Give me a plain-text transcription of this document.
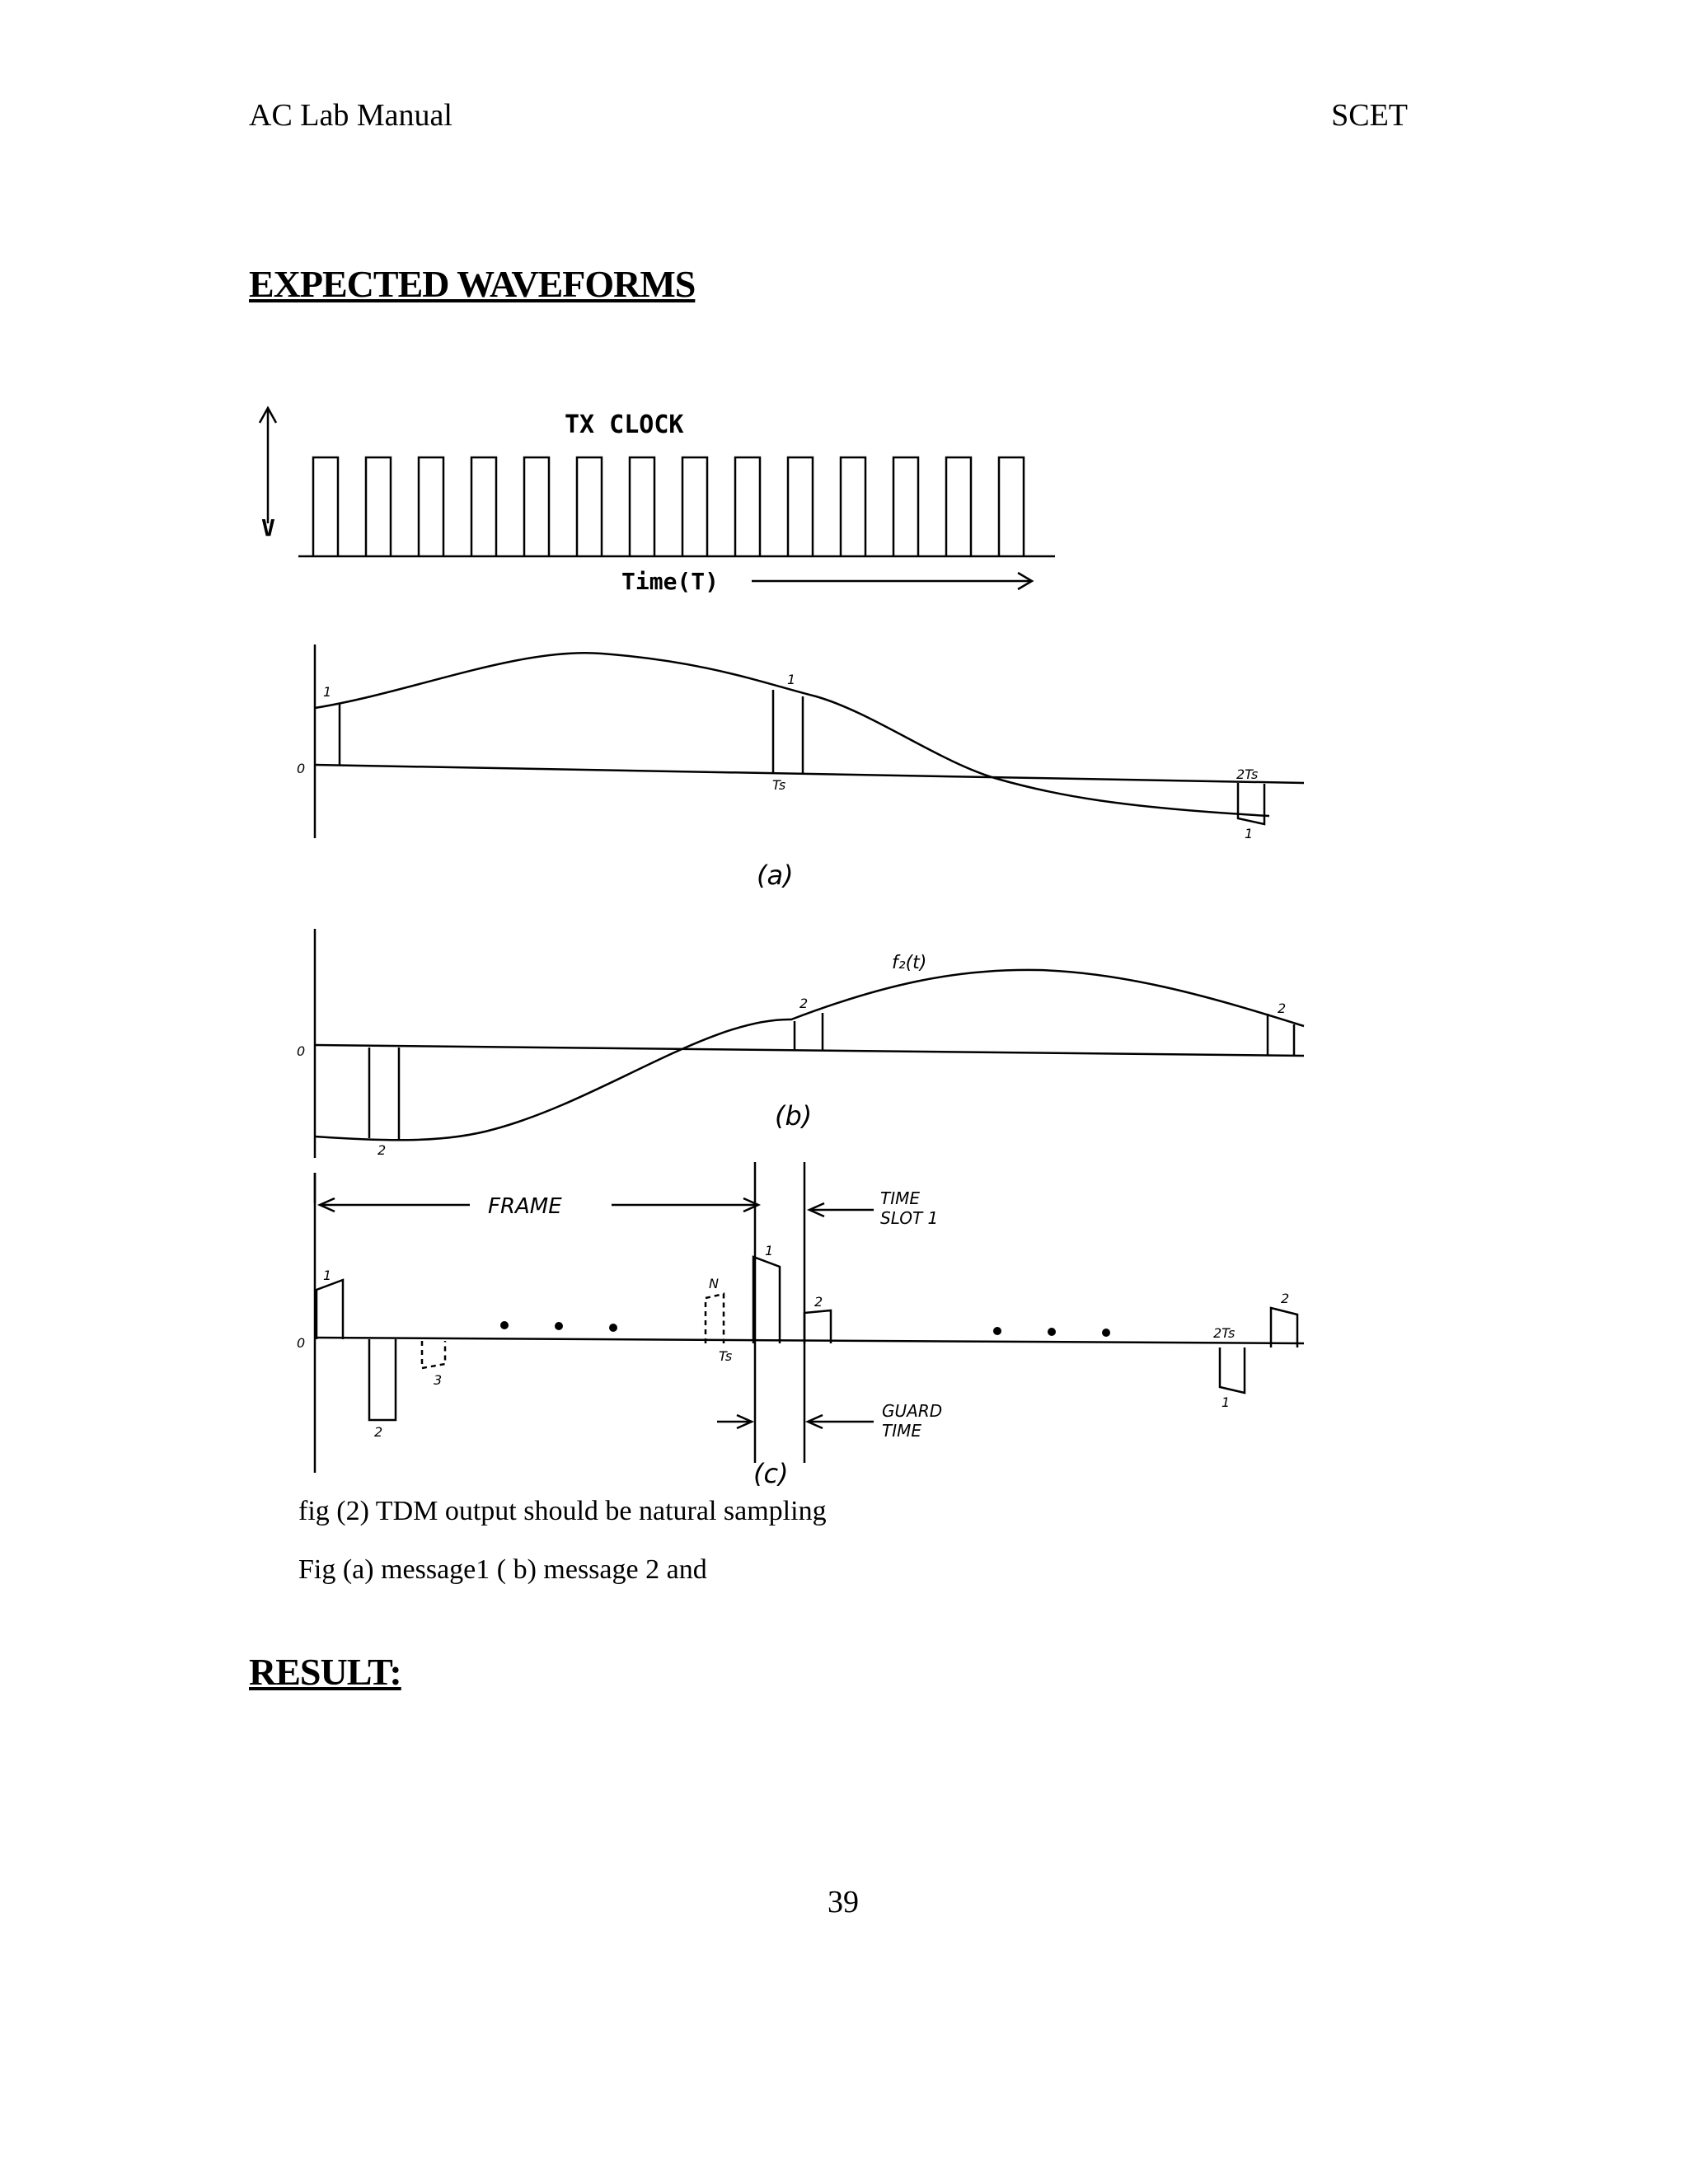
AC Lab Manual	SCET
EXPECTED WAVEFORMS
TX CLOCK
V
Time(T)
0
1
1
Ts
2Ts
1
(a)
0
f₂(t)
2	2
2
(b)
0
FRAME	TIME
SLOT 1
GUARD
TIME
1
2
3
N
Ts
1
2
2Ts
1
2
(c)
fig (2) TDM output should be natural sampling
Fig (a) message1 ( b) message 2 and
RESULT:
39
